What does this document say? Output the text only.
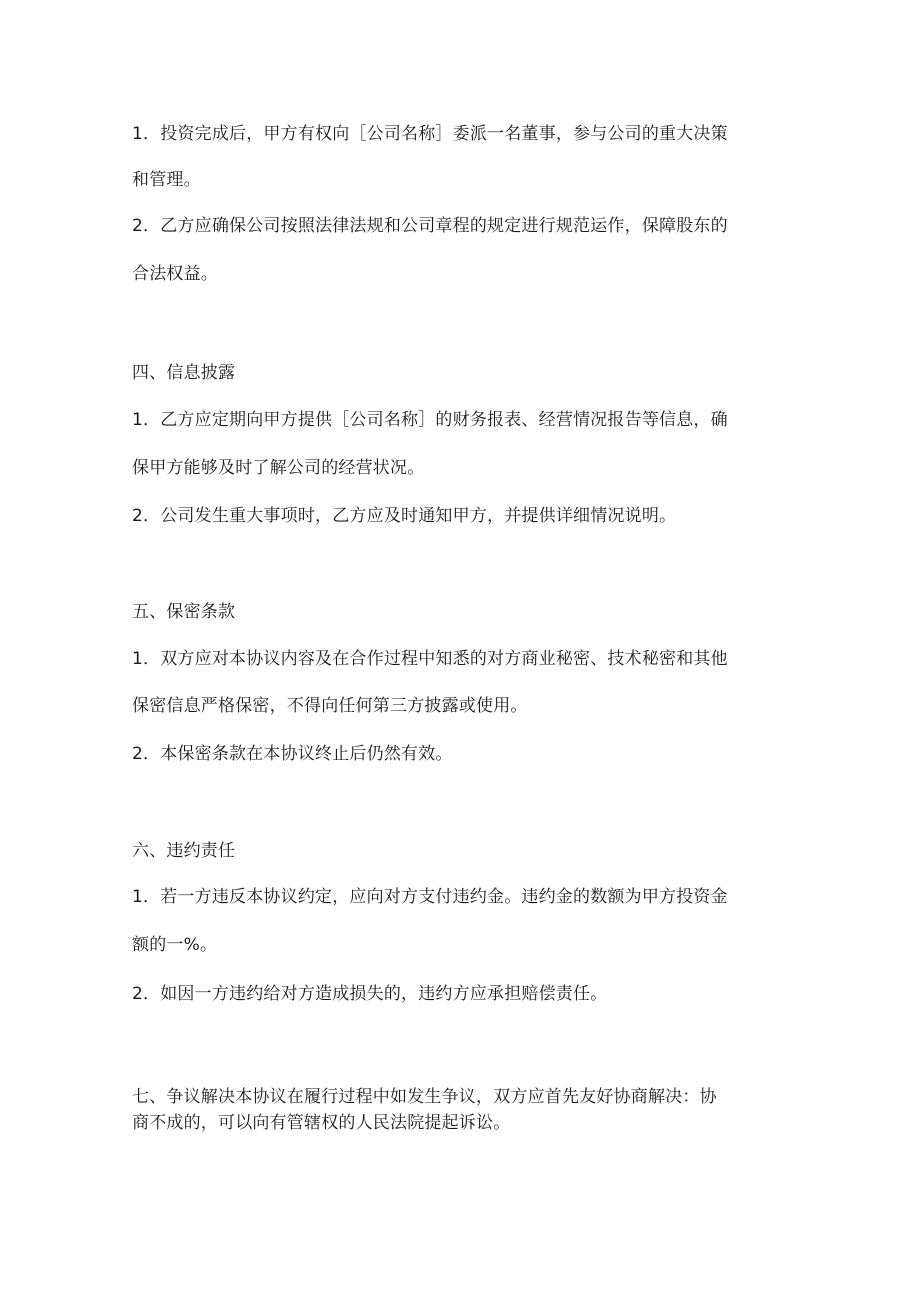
1．投资完成后，甲方有权向［公司名称］委派一名董事，参与公司的重大决策
和管理。
2．乙方应确保公司按照法律法规和公司章程的规定进行规范运作，保障股东的
合法权益。
四、信息披露
1．乙方应定期向甲方提供［公司名称］的财务报表、经营情况报告等信息，确
保甲方能够及时了解公司的经营状况。
2．公司发生重大事项时，乙方应及时通知甲方，并提供详细情况说明。
五、保密条款
1．双方应对本协议内容及在合作过程中知悉的对方商业秘密、技术秘密和其他
保密信息严格保密，不得向任何第三方披露或使用。
2．本保密条款在本协议终止后仍然有效。
六、违约责任
1．若一方违反本协议约定，应向对方支付违约金。违约金的数额为甲方投资金
额的一%。
2．如因一方违约给对方造成损失的，违约方应承担赔偿责任。
七、争议解决本协议在履行过程中如发生争议，双方应首先友好协商解决：协
商不成的，可以向有管辖权的人民法院提起诉讼。
